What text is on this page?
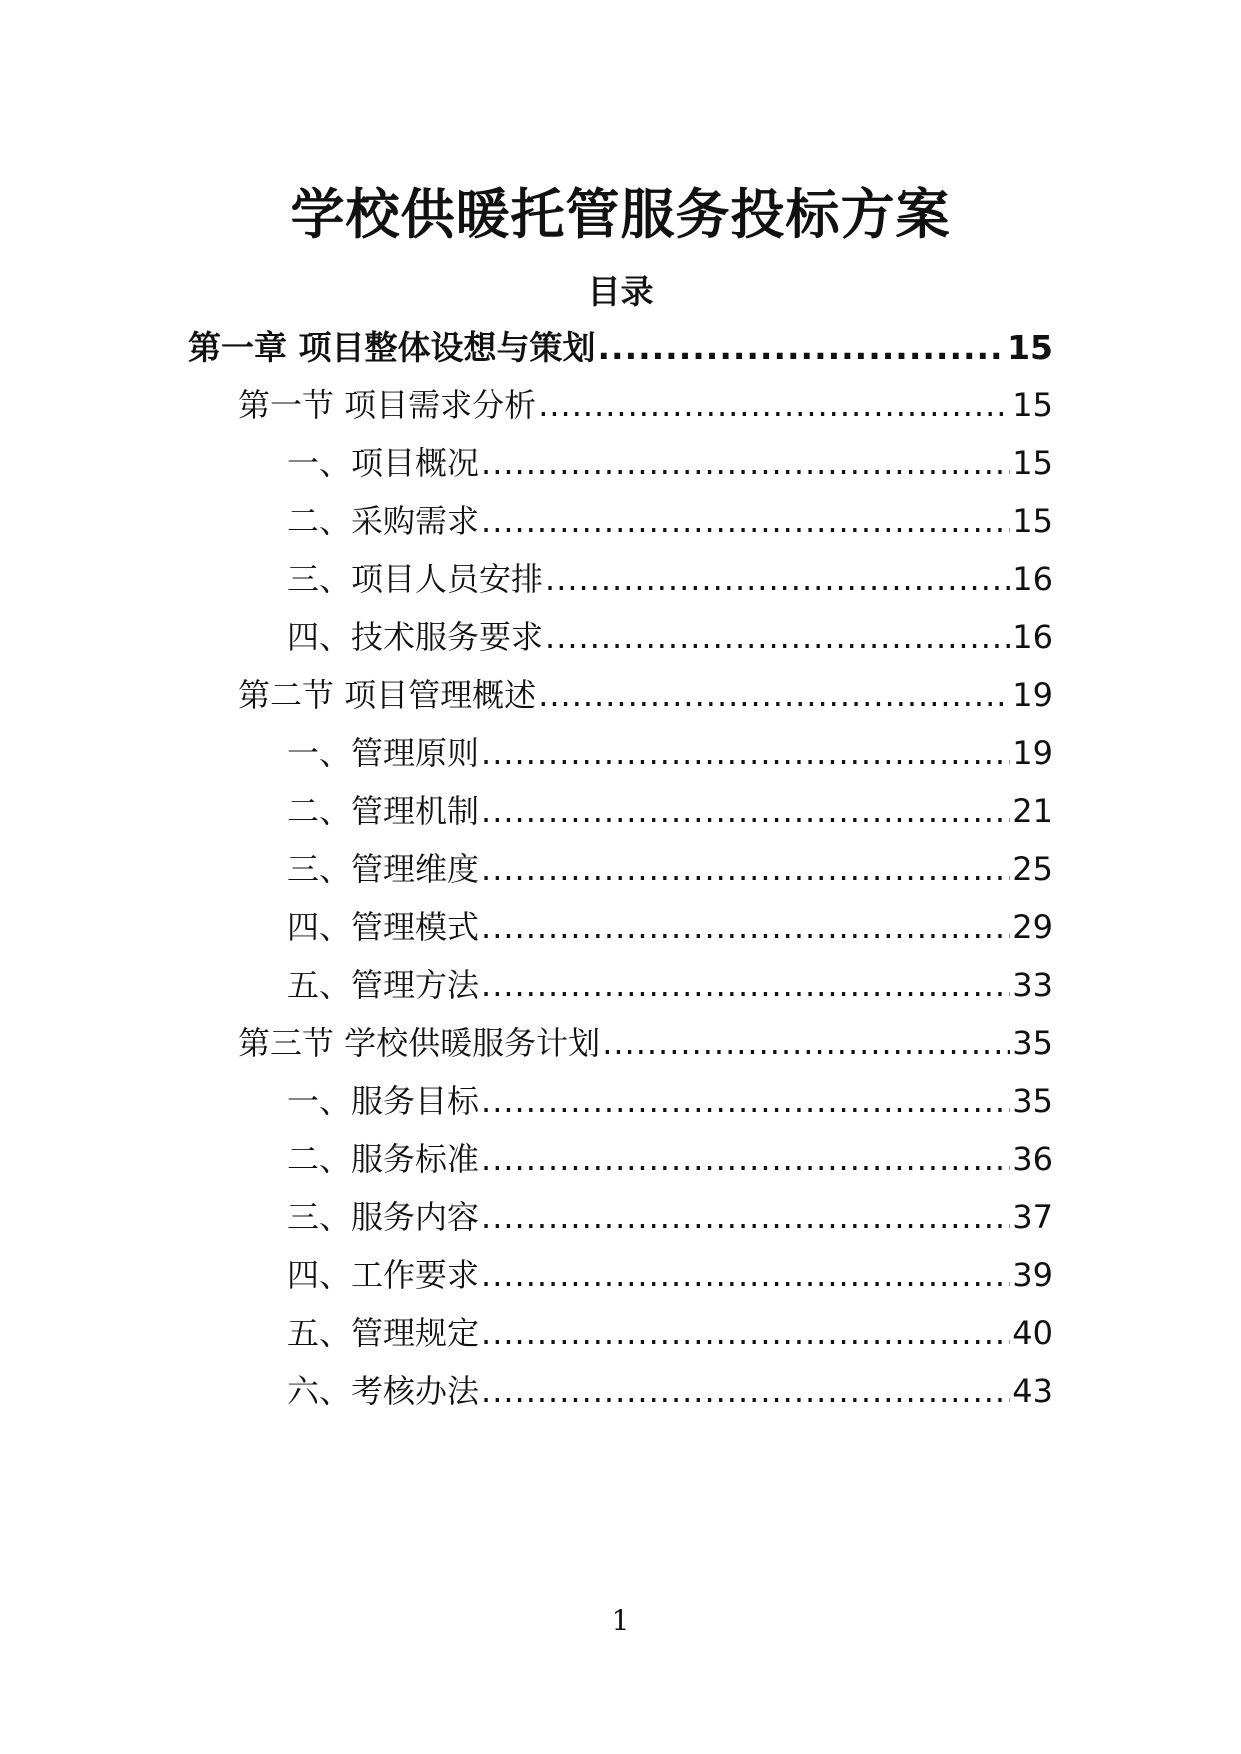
学校供暖托管服务投标方案
目录
第一章 项目整体设想与策划 .....	15
第一节 项目需求分析 .....	15
一、项目概况 .....	15
二、采购需求 .....	15
三、项目人员安排 .....	16
四、技术服务要求 .....	16
第二节 项目管理概述 .....	19
一、管理原则 .....	19
二、管理机制 .....	21
三、管理维度 .....	25
四、管理模式 .....	29
五、管理方法 .....	33
第三节 学校供暖服务计划 .....	35
一、服务目标 .....	35
二、服务标准 .....	36
三、服务内容 .....	37
四、工作要求 .....	39
五、管理规定 .....	40
六、考核办法 .....	43
1
